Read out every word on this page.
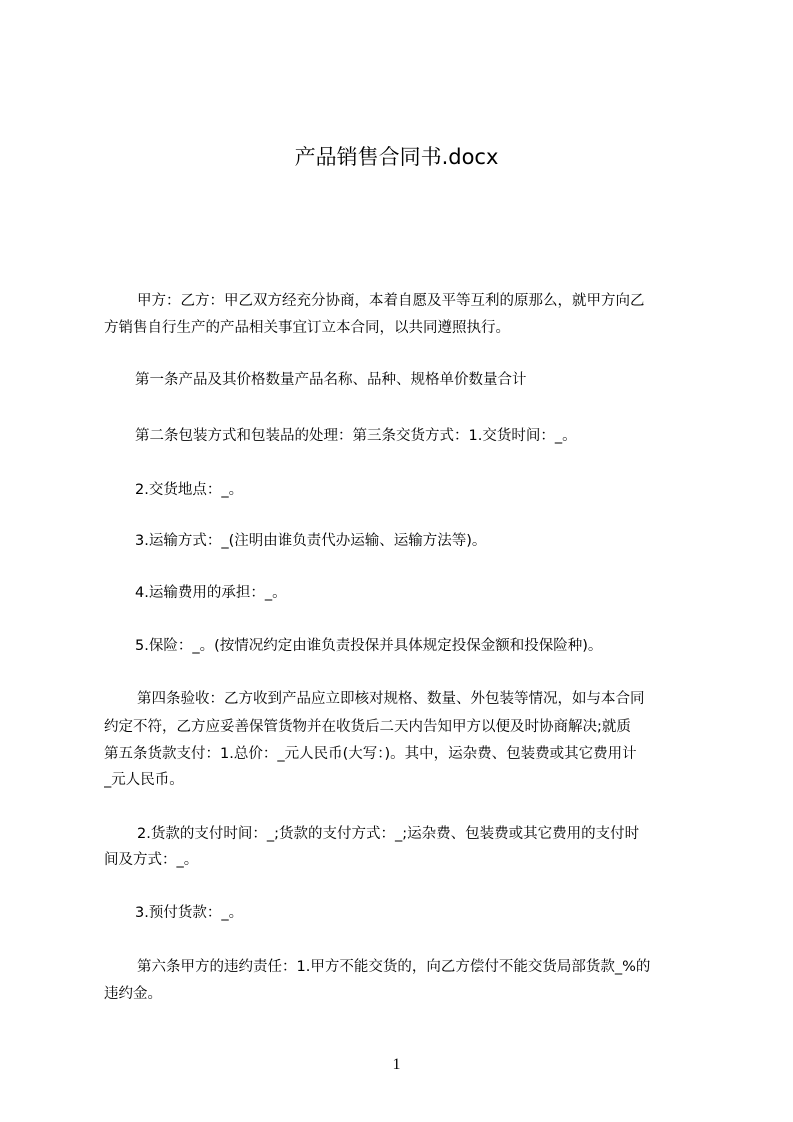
产品销售合同书.docx
甲方：乙方：甲乙双方经充分协商，本着自愿及平等互利的原那么，就甲方向乙
方销售自行生产的产品相关事宜订立本合同，以共同遵照执行。
第一条产品及其价格数量产品名称、品种、规格单价数量合计
第二条包装方式和包装品的处理：第三条交货方式：1.交货时间：_。
2.交货地点：_。
3.运输方式：_(注明由谁负责代办运输、运输方法等)。
4.运输费用的承担：_。
5.保险：_。(按情况约定由谁负责投保并具体规定投保金额和投保险种)。
第四条验收：乙方收到产品应立即核对规格、数量、外包装等情况，如与本合同
约定不符，乙方应妥善保管货物并在收货后二天内告知甲方以便及时协商解决;就质
第五条货款支付：1.总价：_元人民币(大写：)。其中，运杂费、包装费或其它费用计
_元人民币。
2.货款的支付时间：_;货款的支付方式：_;运杂费、包装费或其它费用的支付时
间及方式：_。
3.预付货款：_。
第六条甲方的违约责任：1.甲方不能交货的，向乙方偿付不能交货局部货款_%的
违约金。
1
